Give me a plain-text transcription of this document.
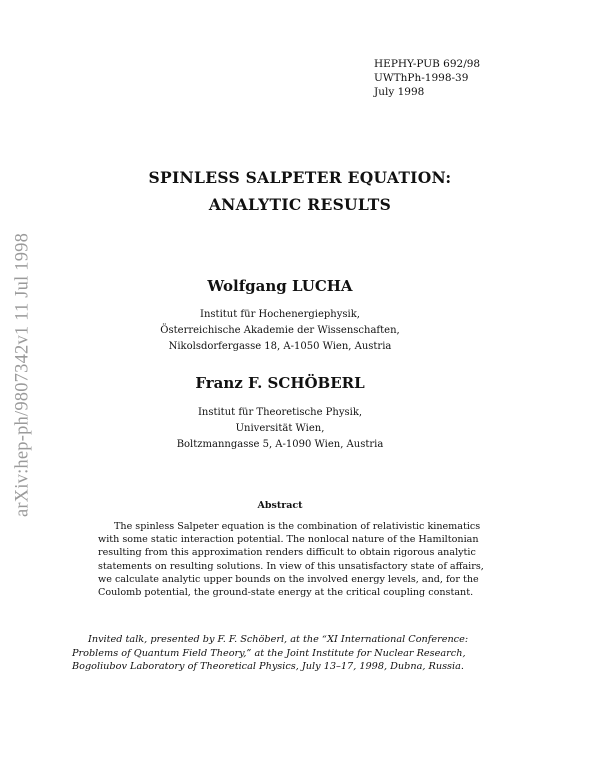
HEPHY-PUB 692/98
UWThPh-1998-39
July 1998
arXiv:hep-ph/9807342v1 11 Jul 1998
SPINLESS SALPETER EQUATION:
ANALYTIC RESULTS
Wolfgang LUCHA
Institut für Hochenergiephysik,
Österreichische Akademie der Wissenschaften,
Nikolsdorfergasse 18, A-1050 Wien, Austria
Franz F. SCHÖBERL
Institut für Theoretische Physik,
Universität Wien,
Boltzmanngasse 5, A-1090 Wien, Austria
Abstract
The spinless Salpeter equation is the combination of relativistic kinematics
with some static interaction potential. The nonlocal nature of the Hamiltonian
resulting from this approximation renders difficult to obtain rigorous analytic
statements on resulting solutions. In view of this unsatisfactory state of affairs,
we calculate analytic upper bounds on the involved energy levels, and, for the
Coulomb potential, the ground-state energy at the critical coupling constant.
Invited talk, presented by F. F. Schöberl, at the “XI International Conference:
Problems of Quantum Field Theory,” at the Joint Institute for Nuclear Research,
Bogoliubov Laboratory of Theoretical Physics, July 13–17, 1998, Dubna, Russia.
